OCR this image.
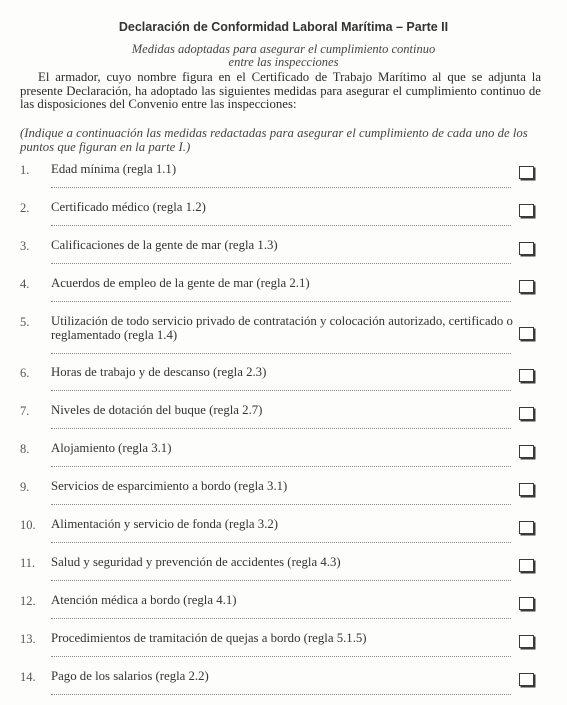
Declaración de Conformidad Laboral Marítima – Parte II
Medidas adoptadas para asegurar el cumplimiento continuo
entre las inspecciones

El armador, cuyo nombre figura en el Certificado de Trabajo Marítimo al que se adjunta la presente Declaración, ha adoptado las siguientes medidas para asegurar el cumplimiento continuo de las disposiciones del Convenio entre las inspecciones:

(Indique a continuación las medidas redactadas para asegurar el cumplimiento de cada uno de los puntos que figuran en la parte I.)
1. Edad mínima (regla 1.1)
2. Certificado médico (regla 1.2)
3. Calificaciones de la gente de mar (regla 1.3)
4. Acuerdos de empleo de la gente de mar (regla 2.1)
5. Utilización de todo servicio privado de contratación y colocación autorizado, certificado o reglamentado (regla 1.4)
6. Horas de trabajo y de descanso (regla 2.3)
7. Niveles de dotación del buque (regla 2.7)
8. Alojamiento (regla 3.1)
9. Servicios de esparcimiento a bordo (regla 3.1)
10. Alimentación y servicio de fonda (regla 3.2)
11. Salud y seguridad y prevención de accidentes (regla 4.3)
12. Atención médica a bordo (regla 4.1)
13. Procedimientos de tramitación de quejas a bordo (regla 5.1.5)
14. Pago de los salarios (regla 2.2)
